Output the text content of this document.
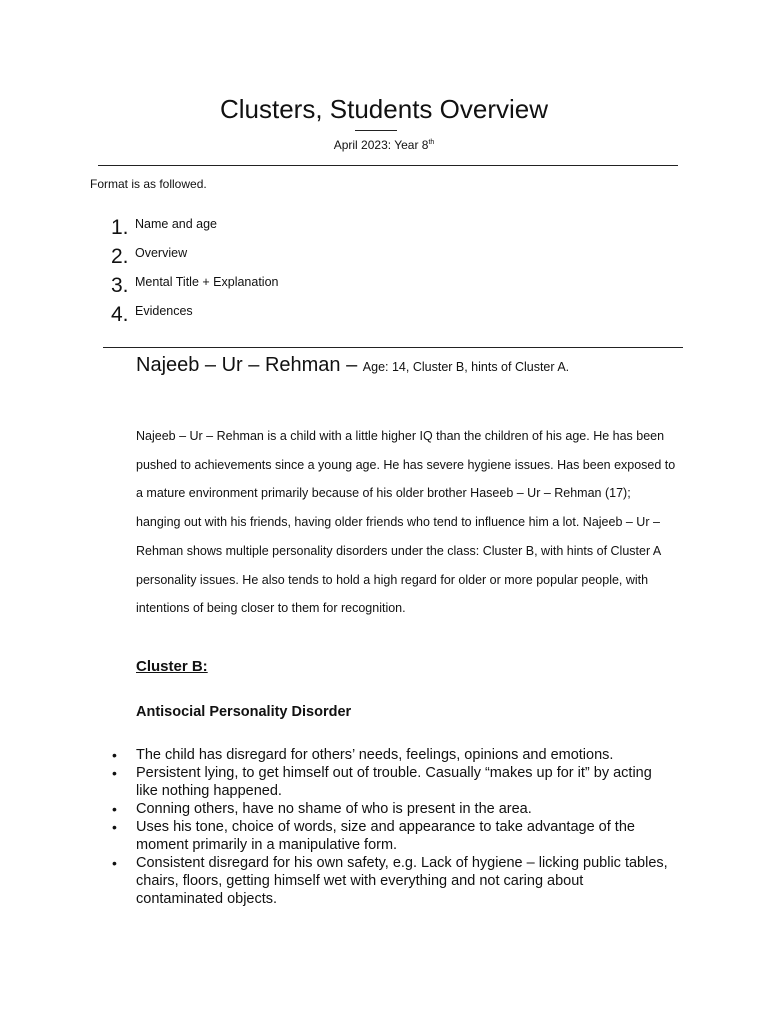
Clusters, Students Overview
April 2023: Year 8th
Format is as followed.
1. Name and age
2. Overview
3. Mental Title + Explanation
4. Evidences
Najeeb – Ur – Rehman – Age: 14, Cluster B, hints of Cluster A.

Najeeb – Ur – Rehman is a child with a little higher IQ than the children of his age. He has been pushed to achievements since a young age. He has severe hygiene issues. Has been exposed to a mature environment primarily because of his older brother Haseeb – Ur – Rehman (17); hanging out with his friends, having older friends who tend to influence him a lot. Najeeb – Ur – Rehman shows multiple personality disorders under the class: Cluster B, with hints of Cluster A personality issues. He also tends to hold a high regard for older or more popular people, with intentions of being closer to them for recognition.

Cluster B:
Antisocial Personality Disorder
• The child has disregard for others’ needs, feelings, opinions and emotions.
• Persistent lying, to get himself out of trouble. Casually “makes up for it” by acting like nothing happened.
• Conning others, have no shame of who is present in the area.
• Uses his tone, choice of words, size and appearance to take advantage of the moment primarily in a manipulative form.
• Consistent disregard for his own safety, e.g. Lack of hygiene – licking public tables, chairs, floors, getting himself wet with everything and not caring about contaminated objects.
